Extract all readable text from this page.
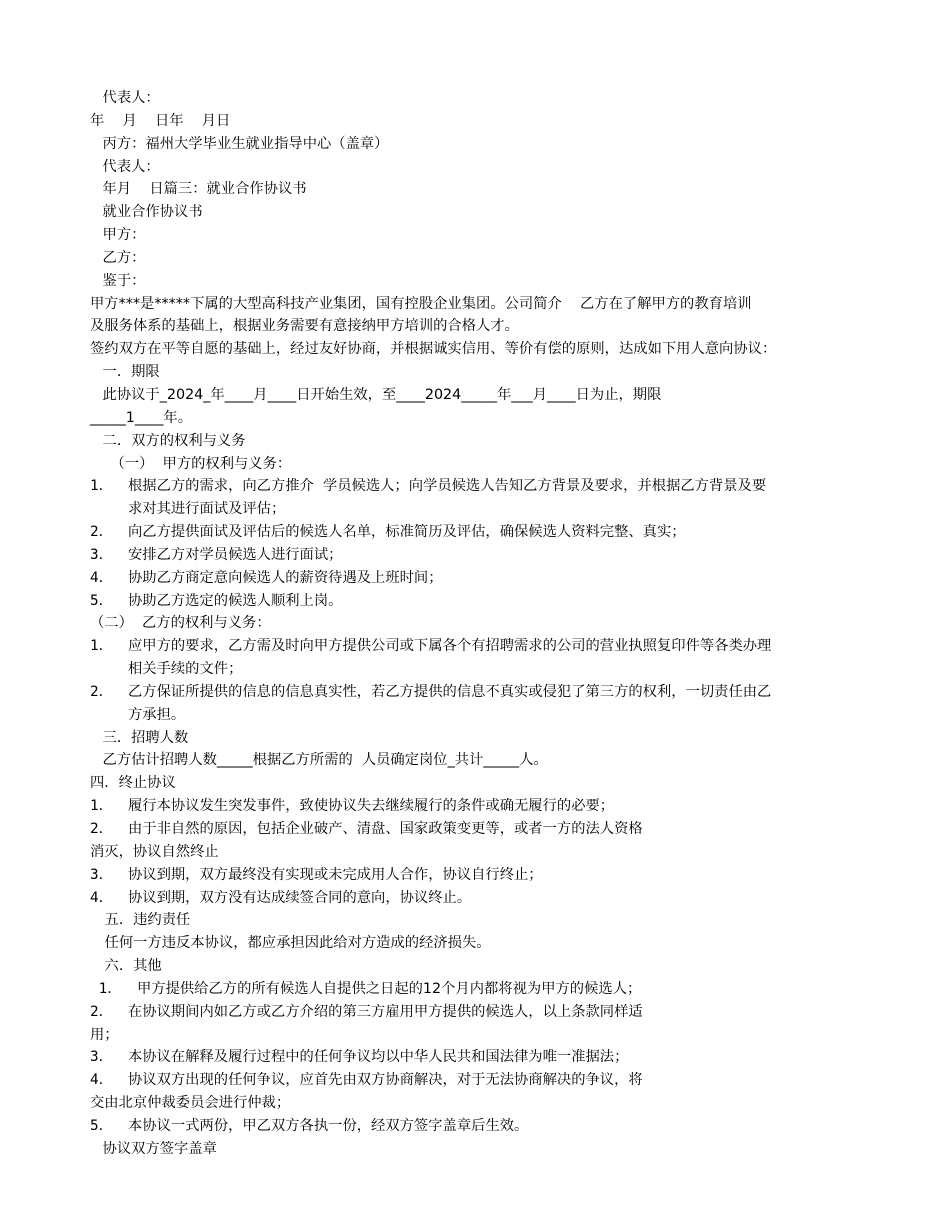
代表人：
年    月    日年    月日
丙方：福州大学毕业生就业指导中心（盖章）
代表人：
年月    日篇三：就业合作协议书
就业合作协议书
甲方：
乙方：
鉴于：
甲方***是*****下属的大型高科技产业集团，国有控股企业集团。公司简介    乙方在了解甲方的教育培训
及服务体系的基础上，根据业务需要有意接纳甲方培训的合格人才。
签约双方在平等自愿的基础上，经过友好协商，并根据诚实信用、等价有偿的原则，达成如下用人意向协议：
一．期限
此协议于_2024_年____月____日开始生效，至____2024_____年___月____日为止，期限
_____1____年。
二．双方的权利与义务
（一）  甲方的权利与义务：
1． 根据乙方的需求，向乙方推介  学员候选人；向学员候选人告知乙方背景及要求，并根据乙方背景及要
求对其进行面试及评估；
2． 向乙方提供面试及评估后的候选人名单，标准简历及评估，确保候选人资料完整、真实；
3． 安排乙方对学员候选人进行面试；
4． 协助乙方商定意向候选人的薪资待遇及上班时间；
5． 协助乙方选定的候选人顺利上岗。
（二）  乙方的权利与义务：
1． 应甲方的要求，乙方需及时向甲方提供公司或下属各个有招聘需求的公司的营业执照复印件等各类办理
相关手续的文件；
2． 乙方保证所提供的信息的信息真实性，若乙方提供的信息不真实或侵犯了第三方的权利，一切责任由乙
方承担。
三．招聘人数
乙方估计招聘人数_____根据乙方所需的  人员确定岗位_共计_____人。
四．终止协议
1． 履行本协议发生突发事件，致使协议失去继续履行的条件或确无履行的必要；
2． 由于非自然的原因，包括企业破产、清盘、国家政策变更等，或者一方的法人资格
消灭，协议自然终止
3． 协议到期，双方最终没有实现或未完成用人合作，协议自行终止；
4． 协议到期，双方没有达成续签合同的意向，协议终止。
五．违约责任
任何一方违反本协议，都应承担因此给对方造成的经济损失。
六．其他
1． 甲方提供给乙方的所有候选人自提供之日起的12个月内都将视为甲方的候选人；
2． 在协议期间内如乙方或乙方介绍的第三方雇用甲方提供的候选人，以上条款同样适
用；
3． 本协议在解释及履行过程中的任何争议均以中华人民共和国法律为唯一准据法；
4． 协议双方出现的任何争议，应首先由双方协商解决，对于无法协商解决的争议，将
交由北京仲裁委员会进行仲裁；
5． 本协议一式两份，甲乙双方各执一份，经双方签字盖章后生效。
协议双方签字盖章
